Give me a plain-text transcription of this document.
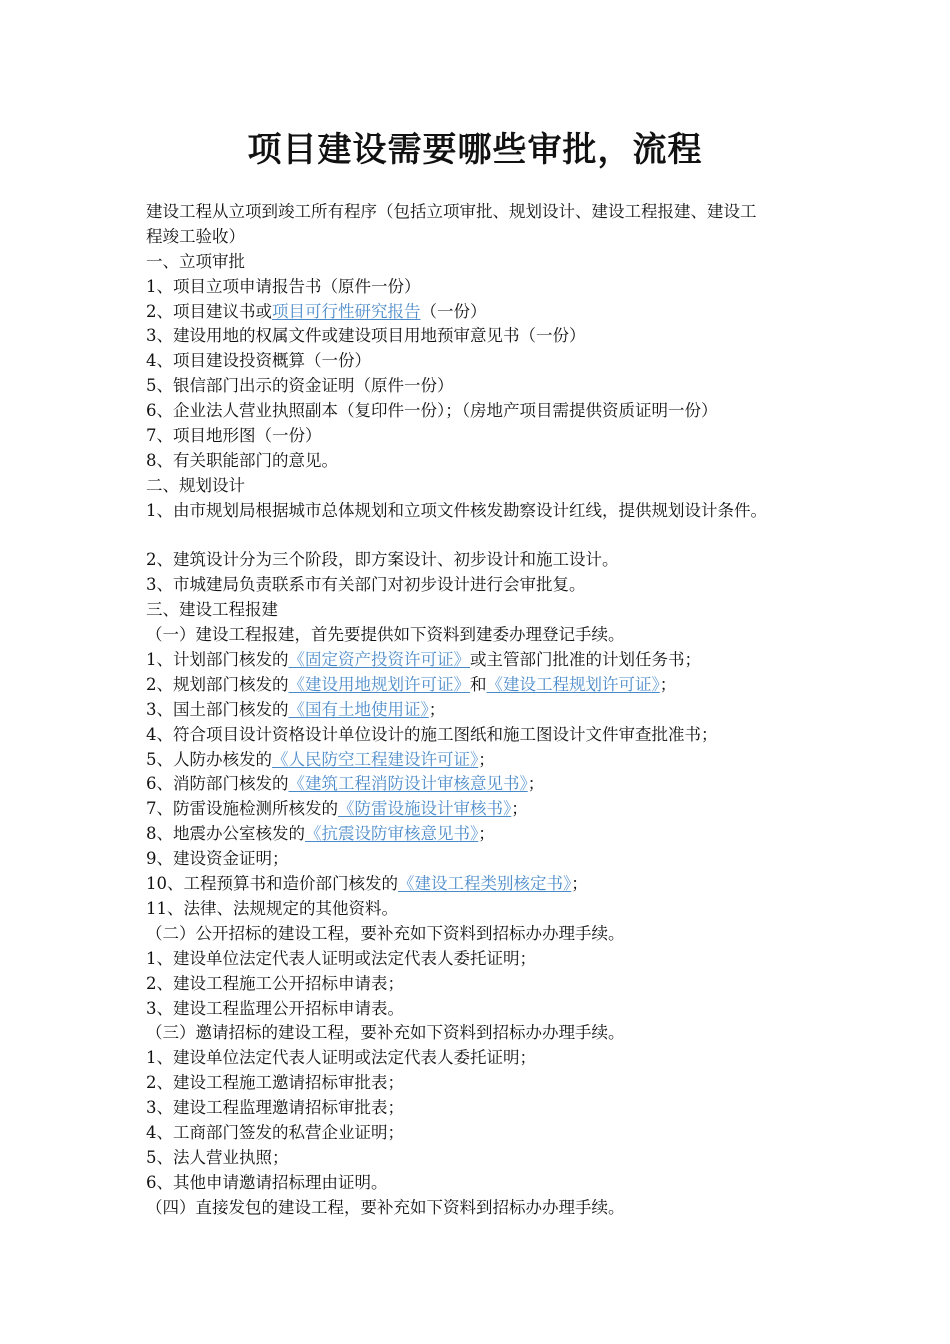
项目建设需要哪些审批，流程
建设工程从立项到竣工所有程序（包括立项审批、规划设计、建设工程报建、建设工
程竣工验收）
一、立项审批
1、项目立项申请报告书（原件一份）
2、项目建议书或项目可行性研究报告（一份）
3、建设用地的权属文件或建设项目用地预审意见书（一份）
4、项目建设投资概算（一份）
5、银信部门出示的资金证明（原件一份）
6、企业法人营业执照副本（复印件一份）；（房地产项目需提供资质证明一份）
7、项目地形图（一份）
8、有关职能部门的意见。
二、规划设计
1、由市规划局根据城市总体规划和立项文件核发勘察设计红线，提供规划设计条件。
2、建筑设计分为三个阶段，即方案设计、初步设计和施工设计。
3、市城建局负责联系市有关部门对初步设计进行会审批复。
三、建设工程报建
（一）建设工程报建，首先要提供如下资料到建委办理登记手续。
1、计划部门核发的《固定资产投资许可证》或主管部门批准的计划任务书；
2、规划部门核发的《建设用地规划许可证》和《建设工程规划许可证》；
3、国土部门核发的《国有土地使用证》；
4、符合项目设计资格设计单位设计的施工图纸和施工图设计文件审查批准书；
5、人防办核发的《人民防空工程建设许可证》；
6、消防部门核发的《建筑工程消防设计审核意见书》；
7、防雷设施检测所核发的《防雷设施设计审核书》；
8、地震办公室核发的《抗震设防审核意见书》；
9、建设资金证明；
10、工程预算书和造价部门核发的《建设工程类别核定书》；
11、法律、法规规定的其他资料。
（二）公开招标的建设工程，要补充如下资料到招标办办理手续。
1、建设单位法定代表人证明或法定代表人委托证明；
2、建设工程施工公开招标申请表；
3、建设工程监理公开招标申请表。
（三）邀请招标的建设工程，要补充如下资料到招标办办理手续。
1、建设单位法定代表人证明或法定代表人委托证明；
2、建设工程施工邀请招标审批表；
3、建设工程监理邀请招标审批表；
4、工商部门签发的私营企业证明；
5、法人营业执照；
6、其他申请邀请招标理由证明。
（四）直接发包的建设工程，要补充如下资料到招标办办理手续。
